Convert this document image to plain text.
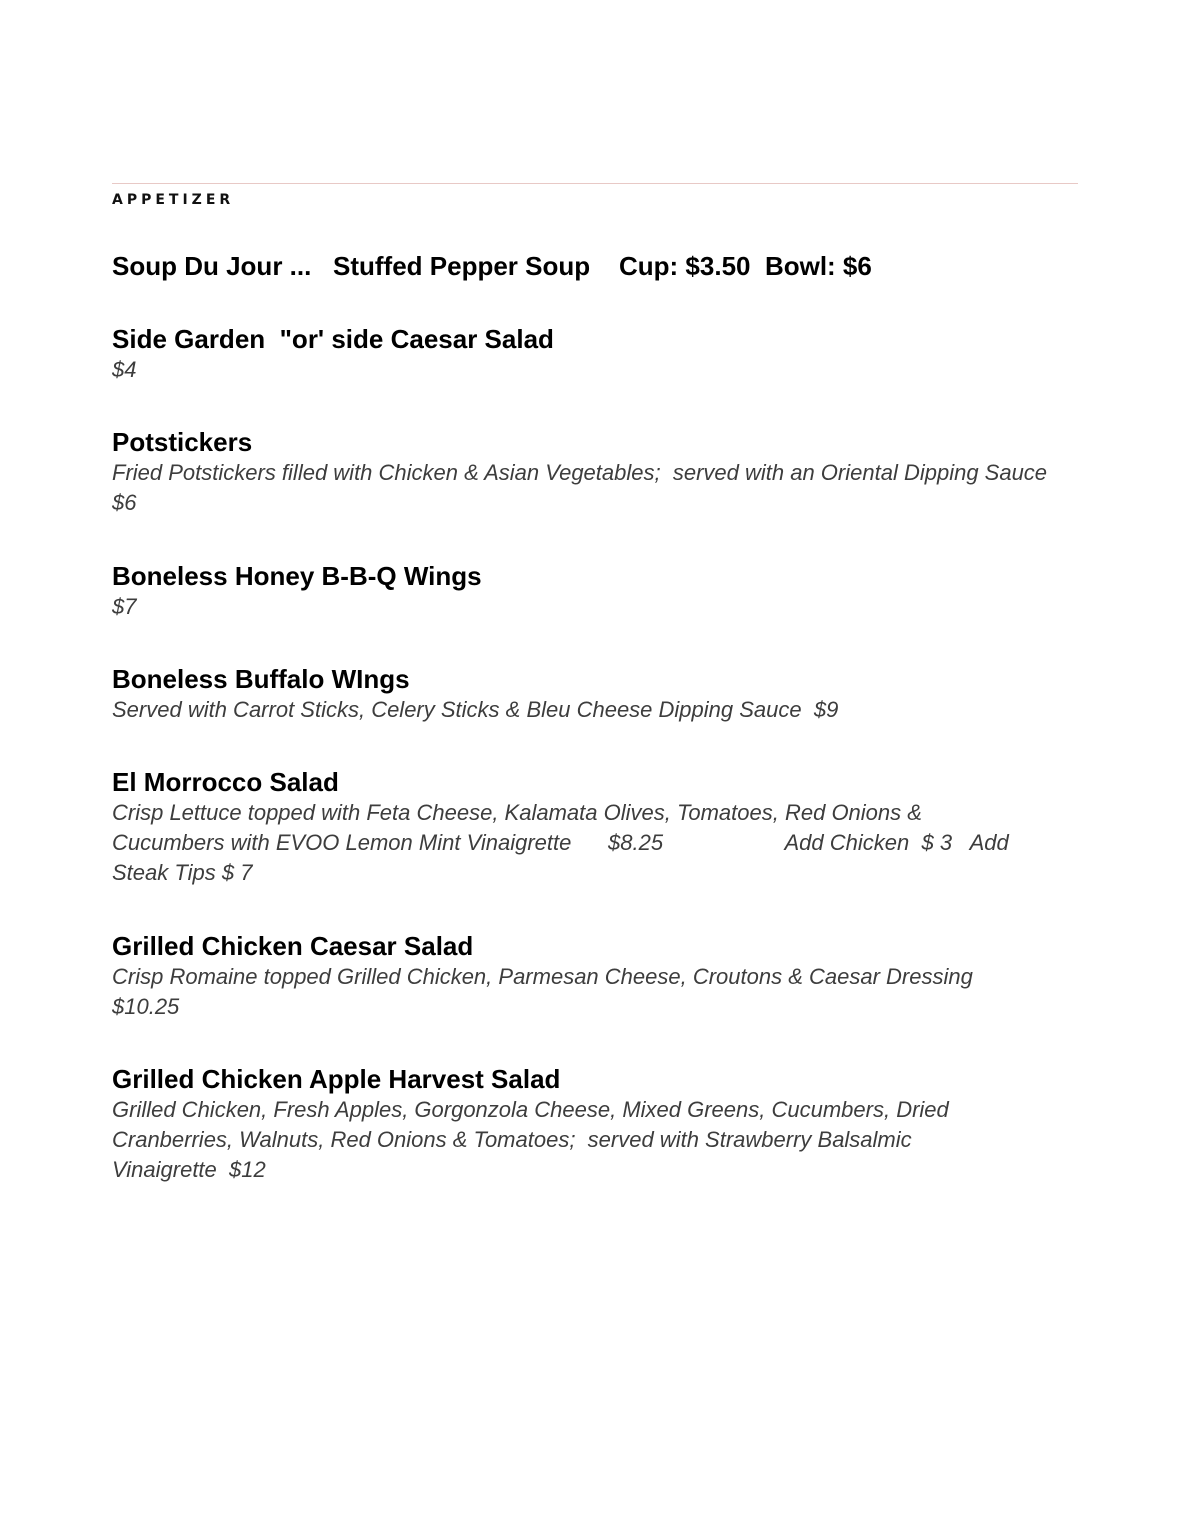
APPETIZER

Soup Du Jour ...   Stuffed Pepper Soup    Cup: $3.50  Bowl: $6

Side Garden  "or' side Caesar Salad

$4

Potstickers

Fried Potstickers filled with Chicken & Asian Vegetables;  served with an Oriental Dipping Sauce  $6

Boneless Honey B-B-Q Wings

$7

Boneless Buffalo WIngs

Served with Carrot Sticks, Celery Sticks & Bleu Cheese Dipping Sauce  $9

El Morrocco Salad

Crisp Lettuce topped with Feta Cheese, Kalamata Olives, Tomatoes, Red Onions &
Cucumbers with EVOO Lemon Mint Vinaigrette      $8.25                    Add Chicken  $ 3   Add
Steak Tips $ 7

Grilled Chicken Caesar Salad

Crisp Romaine topped Grilled Chicken, Parmesan Cheese, Croutons & Caesar Dressing
$10.25

Grilled Chicken Apple Harvest Salad

Grilled Chicken, Fresh Apples, Gorgonzola Cheese, Mixed Greens, Cucumbers, Dried
Cranberries, Walnuts, Red Onions & Tomatoes;  served with Strawberry Balsalmic
Vinaigrette  $12
